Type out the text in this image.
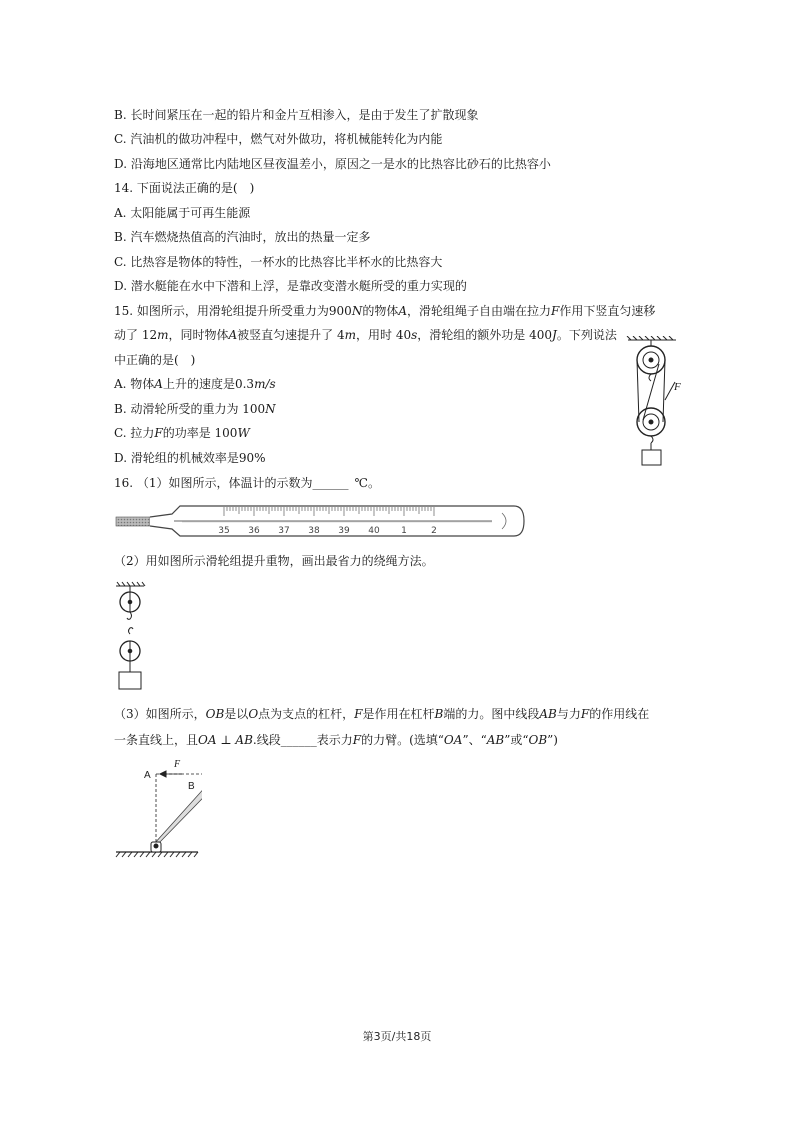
B. 长时间紧压在一起的铅片和金片互相渗入，是由于发生了扩散现象
C. 汽油机的做功冲程中，燃气对外做功，将机械能转化为内能
D. 沿海地区通常比内陆地区昼夜温差小，原因之一是水的比热容比砂石的比热容小
14. 下面说法正确的是(　)
A. 太阳能属于可再生能源
B. 汽车燃烧热值高的汽油时，放出的热量一定多
C. 比热容是物体的特性，一杯水的比热容比半杯水的比热容大
D. 潜水艇能在水中下潜和上浮，是靠改变潜水艇所受的重力实现的
15. 如图所示，用滑轮组提升所受重力为900N的物体A，滑轮组绳子自由端在拉力F作用下竖直匀速移
动了 12m，同时物体A被竖直匀速提升了 4m，用时 40s，滑轮组的额外功是 400J。下列说法
中正确的是(　)
A. 物体A上升的速度是0.3m/s
B. 动滑轮所受的重力为 100N
C. 拉力F的功率是 100W
D. 滑轮组的机械效率是90%
F
16. （1）如图所示，体温计的示数为______ ℃。
35 36 37 38 39 40 1	2
（2）用如图所示滑轮组提升重物，画出最省力的绕绳方法。
（3）如图所示，OB是以O点为支点的杠杆，F是作用在杠杆B端的力。图中线段AB与力F的作用线在
一条直线上，且OA ⊥ AB.线段______表示力F的力臂。(选填“OA”、“AB”或“OB”)
A
F
B
第3页/共18页
